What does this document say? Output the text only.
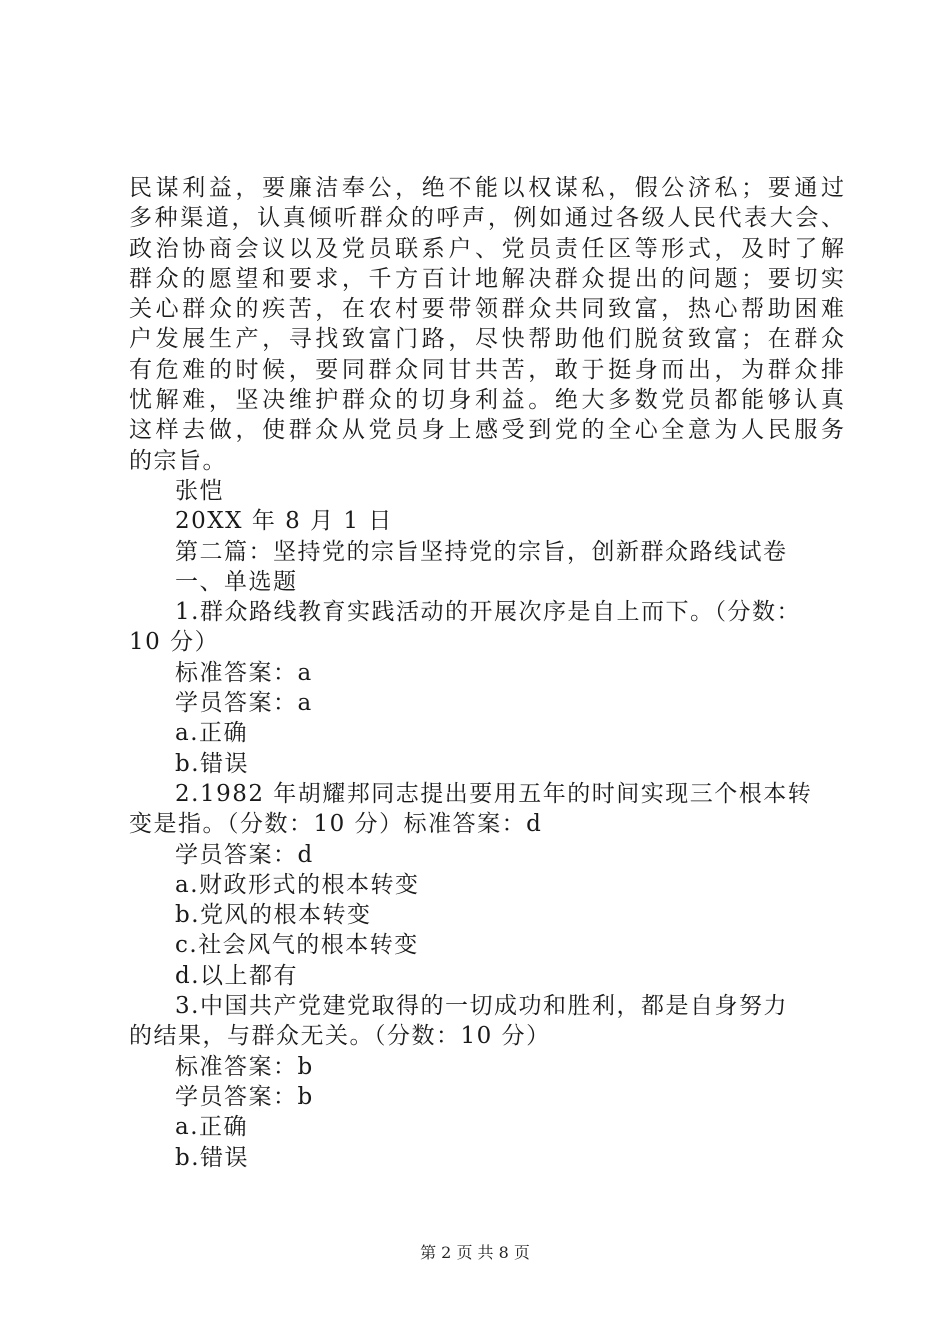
民谋利益，要廉洁奉公，绝不能以权谋私，假公济私；要通过
多种渠道，认真倾听群众的呼声，例如通过各级人民代表大会、
政治协商会议以及党员联系户、党员责任区等形式，及时了解
群众的愿望和要求，千方百计地解决群众提出的问题；要切实
关心群众的疾苦，在农村要带领群众共同致富，热心帮助困难
户发展生产，寻找致富门路，尽快帮助他们脱贫致富；在群众
有危难的时候，要同群众同甘共苦，敢于挺身而出，为群众排
忧解难，坚决维护群众的切身利益。绝大多数党员都能够认真
这样去做，使群众从党员身上感受到党的全心全意为人民服务
的宗旨。
张恺
20XX 年 8 月 1 日
第二篇：坚持党的宗旨坚持党的宗旨，创新群众路线试卷
一、单选题
1.群众路线教育实践活动的开展次序是自上而下。（分数：
10 分）
标准答案：a
学员答案：a
a.正确
b.错误
2.1982 年胡耀邦同志提出要用五年的时间实现三个根本转
变是指。（分数：10 分）标准答案：d
学员答案：d
a.财政形式的根本转变
b.党风的根本转变
c.社会风气的根本转变
d.以上都有
3.中国共产党建党取得的一切成功和胜利，都是自身努力
的结果，与群众无关。（分数：10 分）
标准答案：b
学员答案：b
a.正确
b.错误
第 2 页 共 8 页
